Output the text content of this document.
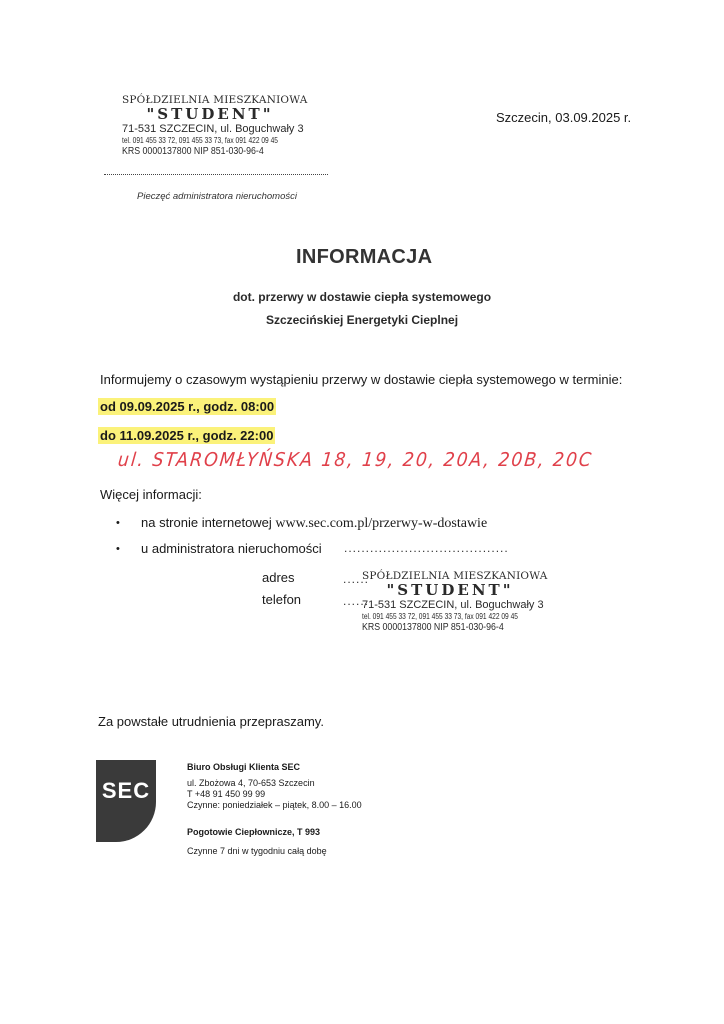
SPÓŁDZIELNIA MIESZKANIOWA
"STUDENT"
71-531 SZCZECIN, ul. Boguchwały 3
tel. 091 455 33 72, 091 455 33 73, fax 091 422 09 45
KRS 0000137800 NIP 851-030-96-4
Szczecin, 03.09.2025 r.
Pieczęć administratora nieruchomości
INFORMACJA
dot. przerwy w dostawie ciepła systemowego
Szczecińskiej Energetyki Cieplnej
Informujemy o czasowym wystąpieniu przerwy w dostawie ciepła systemowego w terminie:
od 09.09.2025 r., godz. 08:00
do 11.09.2025 r., godz. 22:00
ul. STAROMŁYŃSKA 18, 19, 20, 20A, 20B, 20C
Więcej informacji:
• na stronie internetowej www.sec.com.pl/przerwy-w-dostawie
• u administratora nieruchomości ......................................
adres
telefon
......
......
SPÓŁDZIELNIA MIESZKANIOWA
"STUDENT"
71-531 SZCZECIN, ul. Boguchwały 3
tel. 091 455 33 72, 091 455 33 73, fax 091 422 09 45
KRS 0000137800 NIP 851-030-96-4
Za powstałe utrudnienia przepraszamy.
SEC
Biuro Obsługi Klienta SEC
ul. Zbożowa 4, 70-653 Szczecin
T +48 91 450 99 99
Czynne: poniedziałek – piątek, 8.00 – 16.00
Pogotowie Ciepłownicze, T 993
Czynne 7 dni w tygodniu całą dobę
